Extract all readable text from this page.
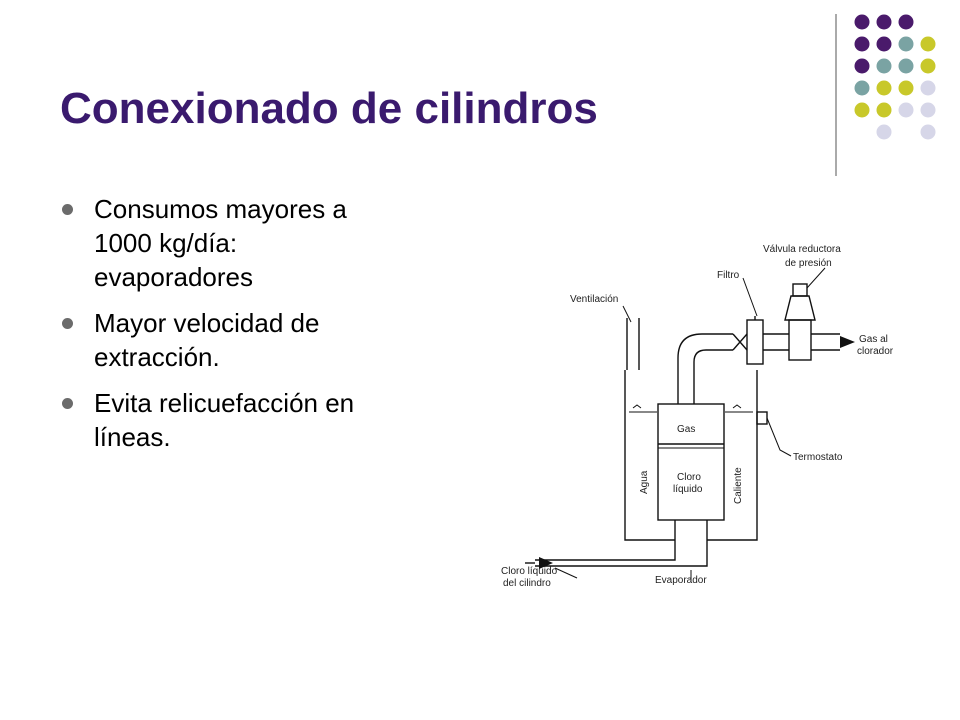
Conexionado de cilindros
Consumos mayores a
1000 kg/día:
evaporadores
Mayor velocidad de
extracción.
Evita relicuefacción en
líneas.
Válvula reductora
de presión
Filtro
Ventilación
Gas al
clorador
Gas
Cloro
líquido
Agua	Caliente
Termostato
Cloro líquido
del cilindro	Evaporador
